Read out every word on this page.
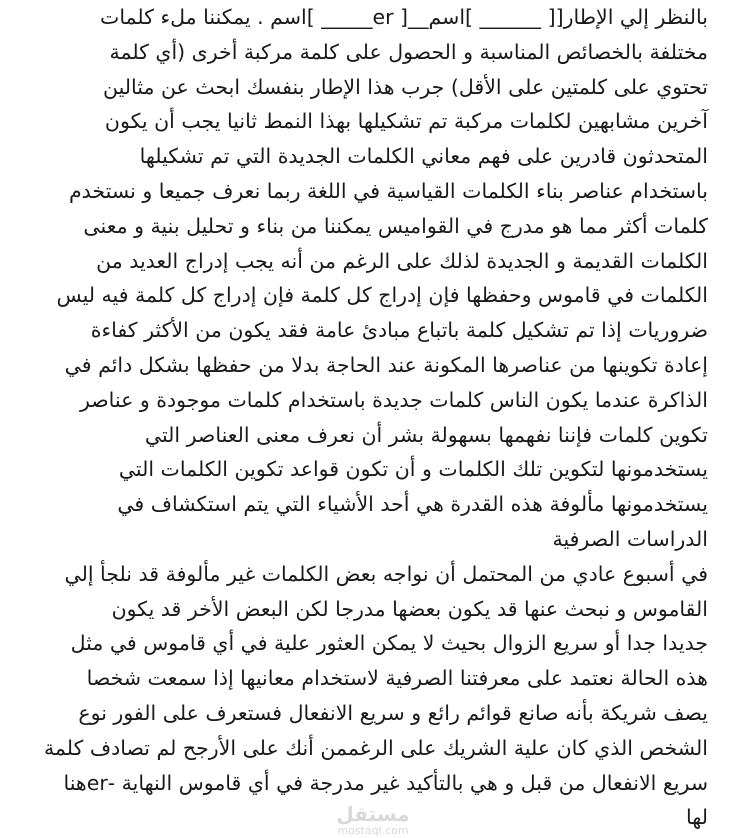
بالنظر إلي الإطار[[ ______ ]اسم__[ er_____ ]اسم . يمكننا ملء كلمات
مختلفة بالخصائص المناسبة و الحصول على كلمة مركبة أخرى (أي كلمة
تحتوي على كلمتين على الأقل) جرب هذا الإطار بنفسك ابحث عن مثالين
آخرين مشابهين لكلمات مركبة تم تشكيلها بهذا النمط ثانيا يجب أن يكون
المتحدثون قادرين على فهم معاني الكلمات الجديدة التي تم تشكيلها
باستخدام عناصر بناء الكلمات القياسية في اللغة ربما نعرف جميعا و نستخدم
كلمات أكثر مما هو مدرج في القواميس يمكننا من بناء و تحليل بنية و معنى
الكلمات القديمة و الجديدة لذلك على الرغم من أنه يجب إدراج العديد من
الكلمات في قاموس وحفظها فإن إدراج كل كلمة فإن إدراج كل كلمة فيه ليس
ضروريات إذا تم تشكيل كلمة باتباع مبادئ عامة فقد يكون من الأكثر كفاءة
إعادة تكوينها من عناصرها المكونة عند الحاجة بدلا من حفظها بشكل دائم في
الذاكرة عندما يكون الناس كلمات جديدة باستخدام كلمات موجودة و عناصر
تكوين كلمات فإننا نفهمها بسهولة بشر أن نعرف معنى العناصر التي
يستخدمونها لتكوين تلك الكلمات و أن تكون قواعد تكوين الكلمات التي
يستخدمونها مألوفة هذه القدرة هي أحد الأشياء التي يتم استكشاف في
الدراسات الصرفية
في أسبوع عادي من المحتمل أن نواجه بعض الكلمات غير مألوفة قد نلجأ إلي
القاموس و نبحث عنها قد يكون بعضها مدرجا لكن البعض الأخر قد يكون
جديدا جدا أو سريع الزوال بحيث لا يمكن العثور علية في أي قاموس في مثل
هذه الحالة نعتمد على معرفتنا الصرفية لاستخدام معانيها إذا سمعت شخصا
يصف شريكة بأنه صانع قوائم رائع و سريع الانفعال فستعرف على الفور نوع
الشخص الذي كان علية الشريك على الرغممن أنك على الأرجح لم تصادف كلمة
سريع الانفعال من قبل و هي بالتأكيد غير مدرجة في أي قاموس النهاية -erهنا
لها
مستقل
mostaql.com
